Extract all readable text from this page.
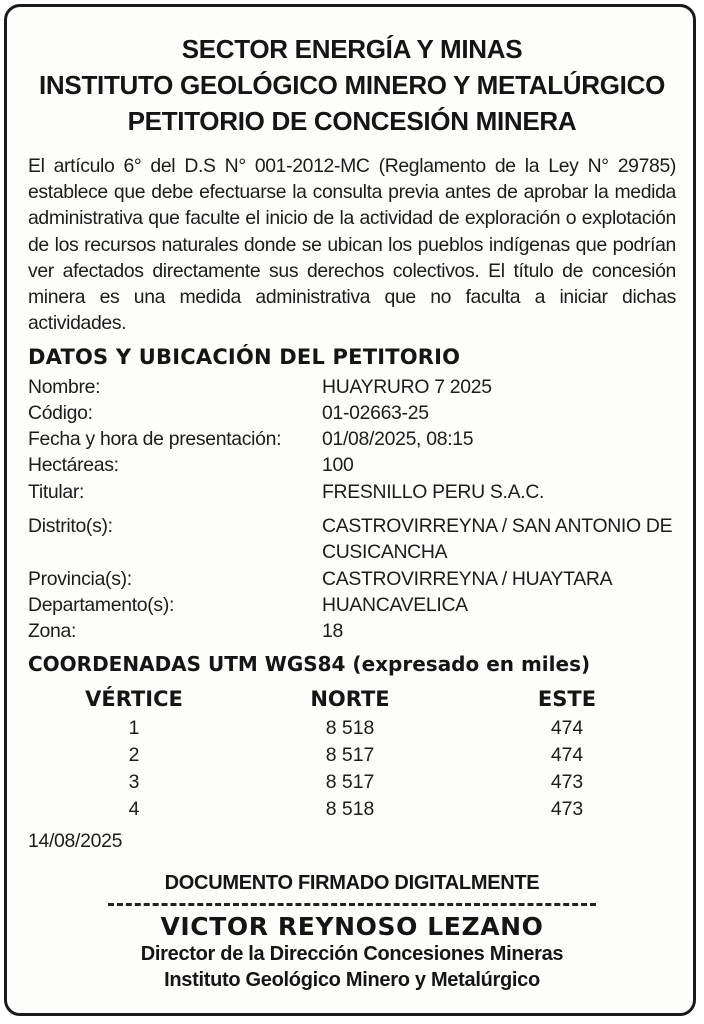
SECTOR ENERGÍA Y MINAS
INSTITUTO GEOLÓGICO MINERO Y METALÚRGICO
PETITORIO DE CONCESIÓN MINERA

El artículo 6° del D.S N° 001-2012-MC (Reglamento de la Ley N° 29785) establece que debe efectuarse la consulta previa antes de aprobar la medida administrativa que faculte el inicio de la actividad de exploración o explotación de los recursos naturales donde se ubican los pueblos indígenas que podrían ver afectados directamente sus derechos colectivos. El título de concesión minera es una medida administrativa que no faculta a iniciar dichas actividades.

DATOS Y UBICACIÓN DEL PETITORIO
Nombre:	HUAYRURO 7 2025
Código:	01-02663-25
Fecha y hora de presentación: 01/08/2025, 08:15
Hectáreas:	100
Titular:	FRESNILLO PERU S.A.C.
Distrito(s):	CASTROVIRREYNA / SAN ANTONIO DE CUSICANCHA
Provincia(s):	CASTROVIRREYNA / HUAYTARA
Departamento(s):	HUANCAVELICA
Zona:	18
COORDENADAS UTM WGS84 (expresado en miles)
VÉRTICE	NORTE	ESTE
1	8 518	474
2	8 517	474
3	8 517	473
4	8 518	473
14/08/2025
DOCUMENTO FIRMADO DIGITALMENTE
VICTOR REYNOSO LEZANO
Director de la Dirección Concesiones Mineras
Instituto Geológico Minero y Metalúrgico
